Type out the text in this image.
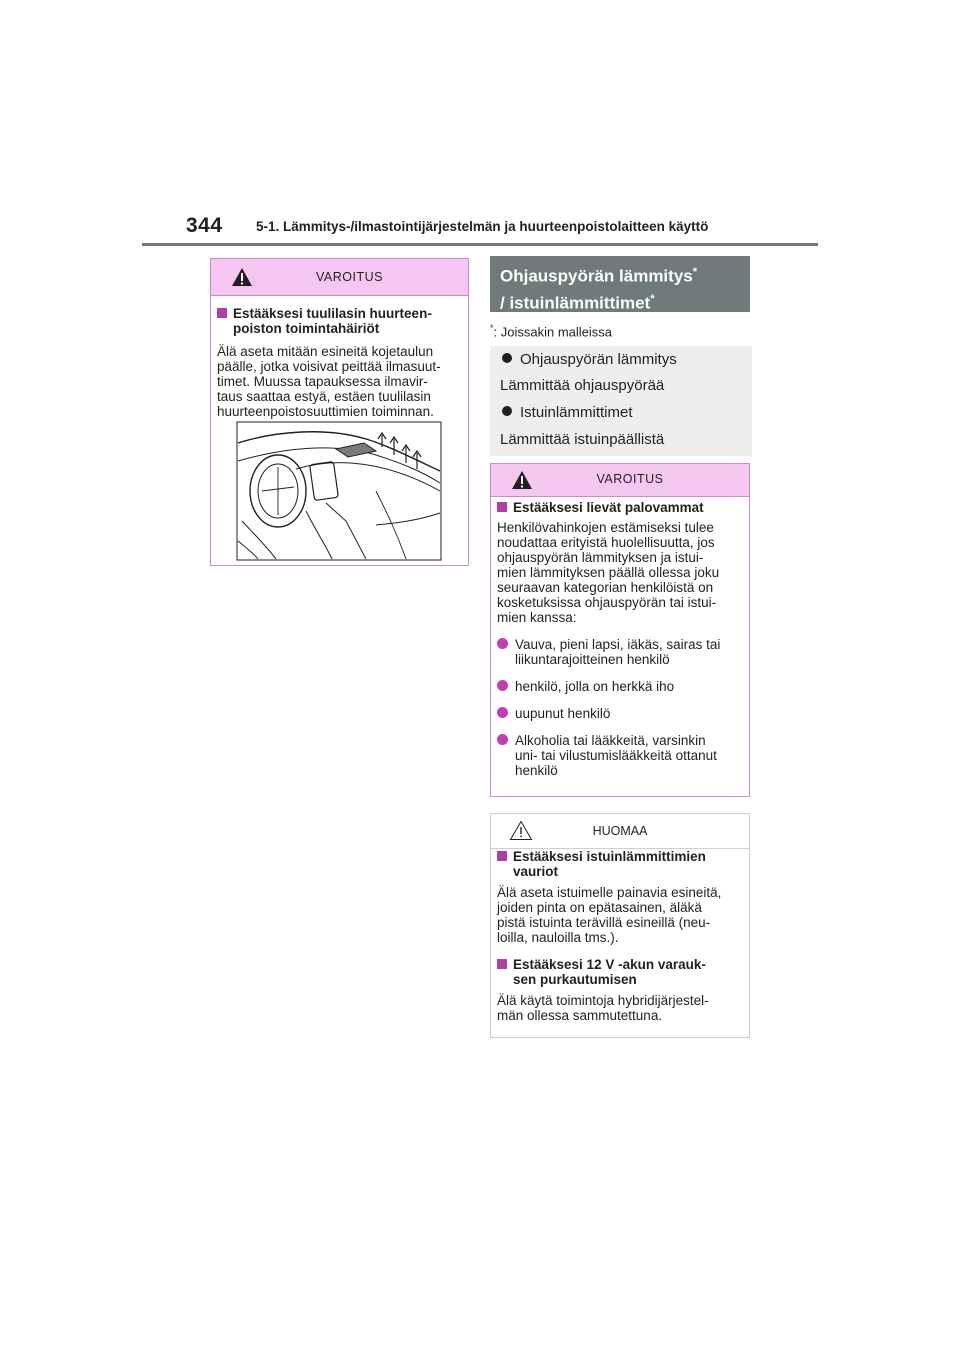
344 5-1. Lämmitys-/ilmastointijärjestelmän ja huurteenpoistolaitteen käyttö
VAROITUS
Estääksesi tuulilasin huurteen-
poiston toimintahäiriöt

Älä aseta mitään esineitä kojetaulun

päälle, jotka voisivat peittää ilmasuut-

timet. Muussa tapauksessa ilmavir-

taus saattaa estyä, estäen tuulilasin

huurteenpoistosuuttimien toiminnan.

Ohjauspyörän lämmitys*
/ istuinlämmittimet*
*: Joissakin malleissa
Ohjauspyörän lämmitys
Lämmittää ohjauspyörää
Istuinlämmittimet
Lämmittää istuinpäällistä
VAROITUS
Estääksesi lievät palovammat

Henkilövahinkojen estämiseksi tulee

noudattaa erityistä huolellisuutta, jos

ohjauspyörän lämmityksen ja istui-

mien lämmityksen päällä ollessa joku

seuraavan kategorian henkilöistä on

kosketuksissa ohjauspyörän tai istui-

mien kanssa:

Vauva, pieni lapsi, iäkäs, sairas tai
liikuntarajoitteinen henkilö
henkilö, jolla on herkkä iho
uupunut henkilö
Alkoholia tai lääkkeitä, varsinkin
uni- tai vilustumislääkkeitä ottanut
henkilö
HUOMAA
Estääksesi istuinlämmittimien
vauriot

Älä aseta istuimelle painavia esineitä,

joiden pinta on epätasainen, äläkä

pistä istuinta terävillä esineillä (neu-

loilla, nauloilla tms.).

Estääksesi 12 V -akun varauk-
sen purkautumisen

Älä käytä toimintoja hybridijärjestel-

män ollessa sammutettuna.
